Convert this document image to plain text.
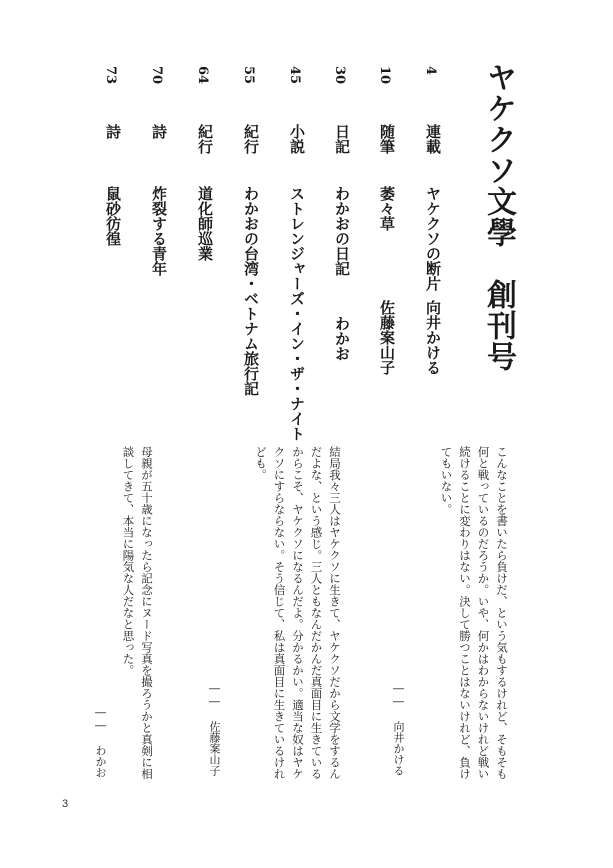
ヤケクソ文學　創刊号
4
連載
ヤケクソの断片
向井かける
10
随筆
萎々草
佐藤案山子
30
日記
わかおの日記
わかお
45
小説
ストレンジャーズ・イン・ザ・ナイト
55
紀行
わかおの台湾・ベトナム旅行記
64
紀行
道化師巡業
70
詩
炸裂する青年
73
詩
鼠砂彷徨

こんなことを書いたら負けだ、という気もするけれど、そもそも何と戦っているのだろうか。いや、何かはわからないけれど戦い続けることに変わりはない。決して勝つことはないけれど、負けてもいない。

―― 向井かける

結局我々三人はヤケクソに生きて、ヤケクソだから文学をするんだよな、という感じ。三人ともなんだかんだ真面目に生きているからこそ、ヤケクソになるんだよ。分かるかい。適当な奴はヤケクソにすらならない。そう信じて、私は真面目に生きているけれども。

―― 佐藤案山子

母親が五十歳になったら記念にヌード写真を撮ろうかと真剣に相談してきて、本当に陽気な人だなと思った。

―― わかお
3
